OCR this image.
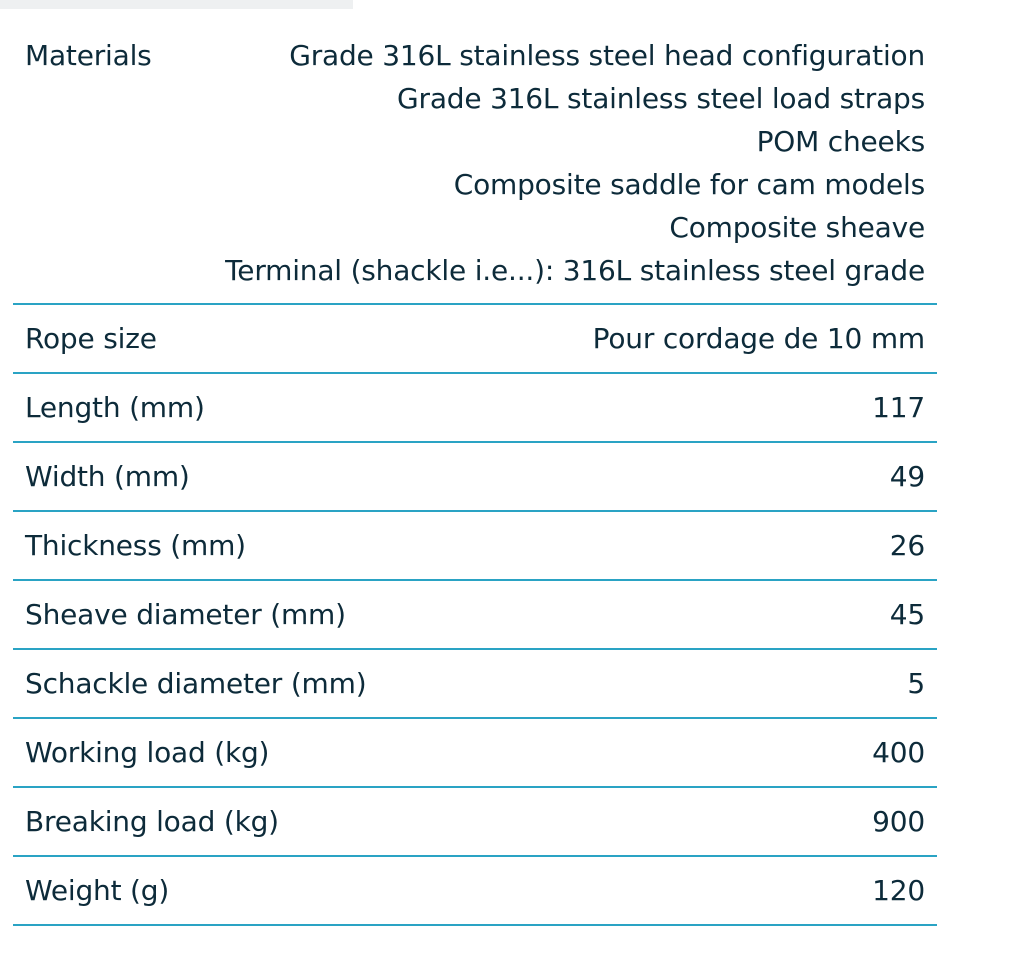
Materials	Grade 316L stainless steel head configuration
Grade 316L stainless steel load straps
POM cheeks
Composite saddle for cam models
Composite sheave
Terminal (shackle i.e...): 316L stainless steel grade
Rope size	Pour cordage de 10 mm
Length (mm)	117
Width (mm)	49
Thickness (mm)	26
Sheave diameter (mm)	45
Schackle diameter (mm)	5
Working load (kg)	400
Breaking load (kg)	900
Weight (g)	120
